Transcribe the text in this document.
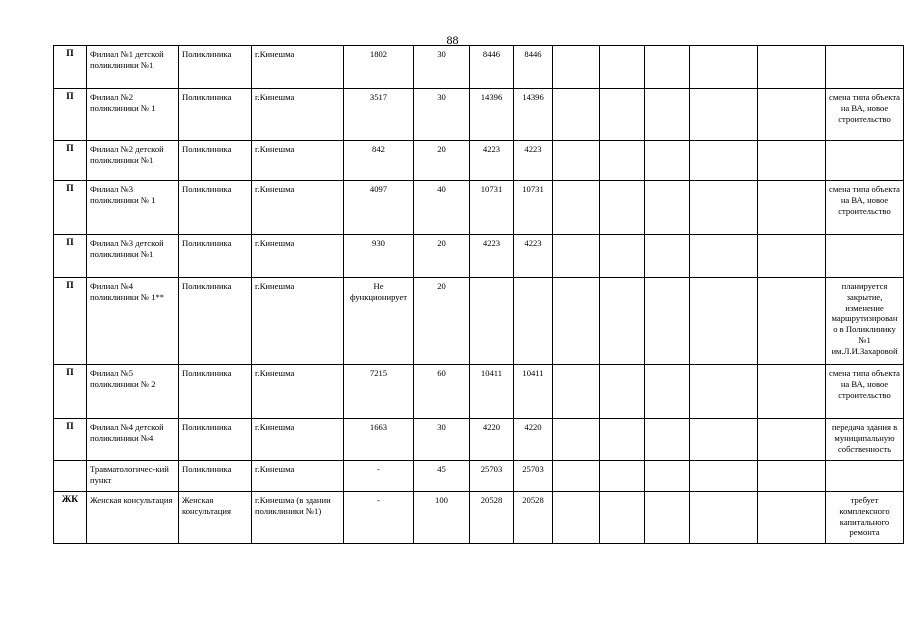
88
П	Филиал №1 детской поликлиники №1	Поликлиника	г.Кинешма	1802	30	8446	8446						
П	Филиал №2 поликлиники № 1	Поликлиника	г.Кинешма	3517	30	14396	14396						смена типа объекта на ВА, новое строительство
П	Филиал №2 детской поликлиники №1	Поликлиника	г.Кинешма	842	20	4223	4223						
П	Филиал №3 поликлиники № 1	Поликлиника	г.Кинешма	4097	40	10731	10731						смена типа объекта на ВА, новое строительство
П	Филиал №3 детской поликлиники №1	Поликлиника	г.Кинешма	930	20	4223	4223						
П	Филиал №4 поликлиники № 1**	Поликлиника	г.Кинешма	Не функционирует	20								планируется закрытие, изменение маршрутизирован о в Поликлинику №1 им.Л.И.Захаровой
П	Филиал №5 поликлиники № 2	Поликлиника	г.Кинешма	7215	60	10411	10411						смена типа объекта на ВА, новое строительство
П	Филиал №4 детской поликлиники №4	Поликлиника	г.Кинешма	1663	30	4220	4220						передача здания в муниципальную собственность
	Травматологичес-кий пункт	Поликлиника	г.Кинешма	-	45	25703	25703						
ЖК	Женская консультация	Женская консультация	г.Кинешма (в здании поликлиники №1)	-	100	20528	20528						требует комплексного капитального ремонта
